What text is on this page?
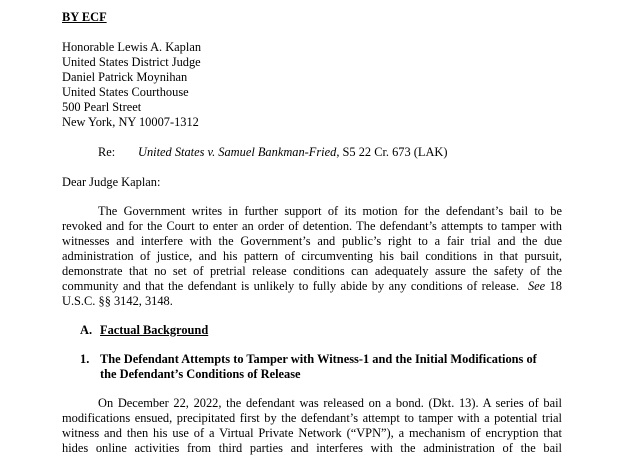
BY ECF
Honorable Lewis A. Kaplan
United States District Judge
Daniel Patrick Moynihan
United States Courthouse
500 Pearl Street
New York, NY 10007-1312
Re: United States v. Samuel Bankman-Fried, S5 22 Cr. 673 (LAK)
Dear Judge Kaplan:
The Government writes in further support of its motion for the defendant’s bail to be
revoked and for the Court to enter an order of detention. The defendant’s attempts to tamper with
witnesses and interfere with the Government’s and public’s right to a fair trial and the due
administration of justice, and his pattern of circumventing his bail conditions in that pursuit,
demonstrate that no set of pretrial release conditions can adequately assure the safety of the
community and that the defendant is unlikely to fully abide by any conditions of release. See 18
U.S.C. §§ 3142, 3148.
A. Factual Background
1. The Defendant Attempts to Tamper with Witness-1 and the Initial Modifications of
the Defendant’s Conditions of Release
On December 22, 2022, the defendant was released on a bond. (Dkt. 13). A series of bail
modifications ensued, precipitated first by the defendant’s attempt to tamper with a potential trial
witness and then his use of a Virtual Private Network (“VPN”), a mechanism of encryption that
hides online activities from third parties and interferes with the administration of the bail
